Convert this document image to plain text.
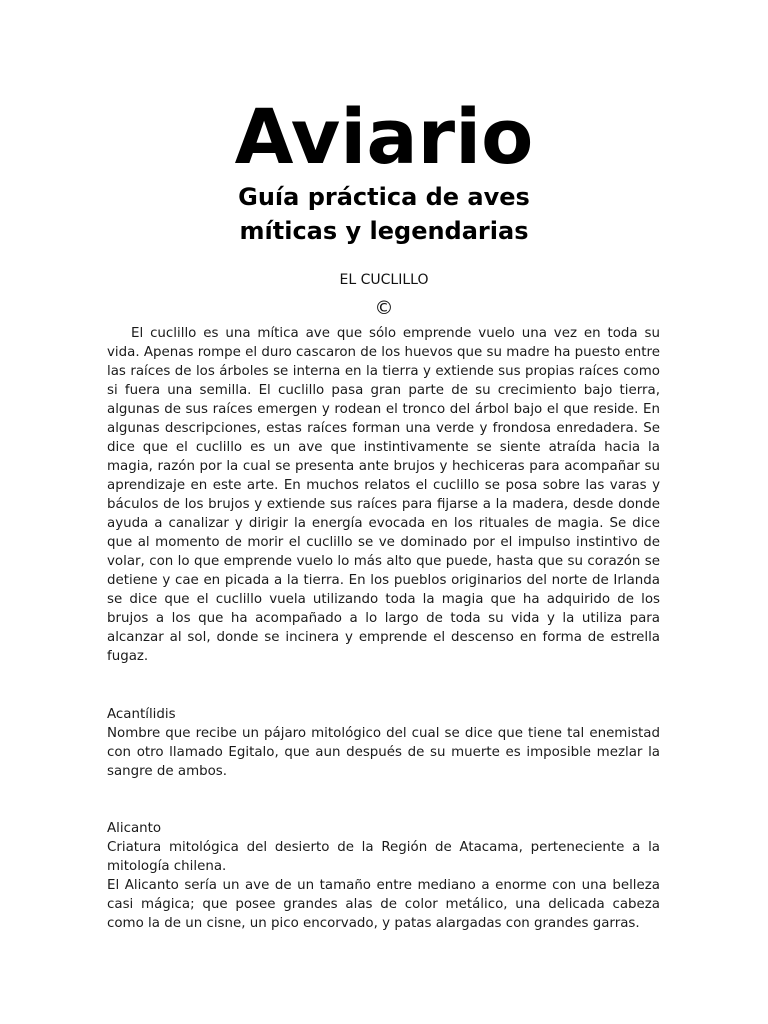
Aviario
Guía práctica de aves
míticas y legendarias
EL CUCLILLO
©

El cuclillo es una mítica ave que sólo emprende vuelo una vez en toda su vida. Apenas rompe el duro cascaron de los huevos que su madre ha puesto entre las raíces de los árboles se interna en la tierra y extiende sus propias raíces como si fuera una semilla. El cuclillo pasa gran parte de su crecimiento bajo tierra, algunas de sus raíces emergen y rodean el tronco del árbol bajo el que reside. En algunas descripciones, estas raíces forman una verde y frondosa enredadera. Se dice que el cuclillo es un ave que instintivamente se siente atraída hacia la magia, razón por la cual se presenta ante brujos y hechiceras para acompañar su aprendizaje en este arte. En muchos relatos el cuclillo se posa sobre las varas y báculos de los brujos y extiende sus raíces para fijarse a la madera, desde donde ayuda a canalizar y dirigir la energía evocada en los rituales de magia. Se dice que al momento de morir el cuclillo se ve dominado por el impulso instintivo de volar, con lo que emprende vuelo lo más alto que puede, hasta que su corazón se detiene y cae en picada a la tierra. En los pueblos originarios del norte de Irlanda se dice que el cuclillo vuela utilizando toda la magia que ha adquirido de los brujos a los que ha acompañado a lo largo de toda su vida y la utiliza para alcanzar al sol, donde se incinera y emprende el descenso en forma de estrella fugaz.

Acantílidis

Nombre que recibe un pájaro mitológico del cual se dice que tiene tal enemistad con otro llamado Egitalo, que aun después de su muerte es imposible mezlar la sangre de ambos.

Alicanto

Criatura mitológica del desierto de la Región de Atacama, perteneciente a la mitología chilena.

El Alicanto sería un ave de un tamaño entre mediano a enorme con una belleza casi mágica; que posee grandes alas de color metálico, una delicada cabeza como la de un cisne, un pico encorvado, y patas alargadas con grandes garras.
